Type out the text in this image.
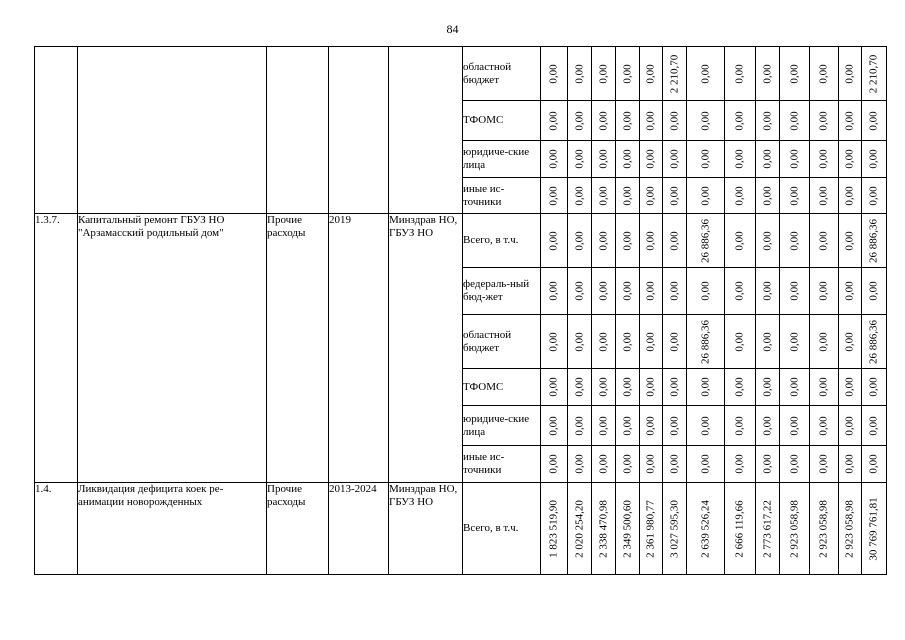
84
					областной бюджет	0,00	0,00	0,00	0,00	0,00	2 210,70	0,00	0,00	0,00	0,00	0,00	0,00	2 210,70

					ТФОМС	0,00	0,00	0,00	0,00	0,00	0,00	0,00	0,00	0,00	0,00	0,00	0,00	0,00

					юридиче-ские лица	0,00	0,00	0,00	0,00	0,00	0,00	0,00	0,00	0,00	0,00	0,00	0,00	0,00

					иные ис-точники	0,00	0,00	0,00	0,00	0,00	0,00	0,00	0,00	0,00	0,00	0,00	0,00	0,00

1.3.7.	Капитальный ремонт ГБУЗ НО "Арзамасский родильный дом"	Прочие расходы	2019	Минздрав НО, ГБУЗ НО	Всего, в т.ч.	0,00	0,00	0,00	0,00	0,00	0,00	26 886,36	0,00	0,00	0,00	0,00	0,00	26 886,36

					федераль-ный бюд-жет	0,00	0,00	0,00	0,00	0,00	0,00	0,00	0,00	0,00	0,00	0,00	0,00	0,00

					областной бюджет	0,00	0,00	0,00	0,00	0,00	0,00	26 886,36	0,00	0,00	0,00	0,00	0,00	26 886,36

					ТФОМС	0,00	0,00	0,00	0,00	0,00	0,00	0,00	0,00	0,00	0,00	0,00	0,00	0,00

					юридиче-ские лица	0,00	0,00	0,00	0,00	0,00	0,00	0,00	0,00	0,00	0,00	0,00	0,00	0,00

					иные ис-точники	0,00	0,00	0,00	0,00	0,00	0,00	0,00	0,00	0,00	0,00	0,00	0,00	0,00

1.4.	Ликвидация дефицита коек ре-анимации новорожденных	Прочие расходы	2013-2024	Минздрав НО, ГБУЗ НО	Всего, в т.ч.	1 823 519,90	2 020 254,20	2 338 470,98	2 349 500,60	2 361 980,77	3 027 595,30	2 639 526,24	2 666 119,66	2 773 617,22	2 923 058,98	2 923 058,98	2 923 058,98	30 769 761,81
